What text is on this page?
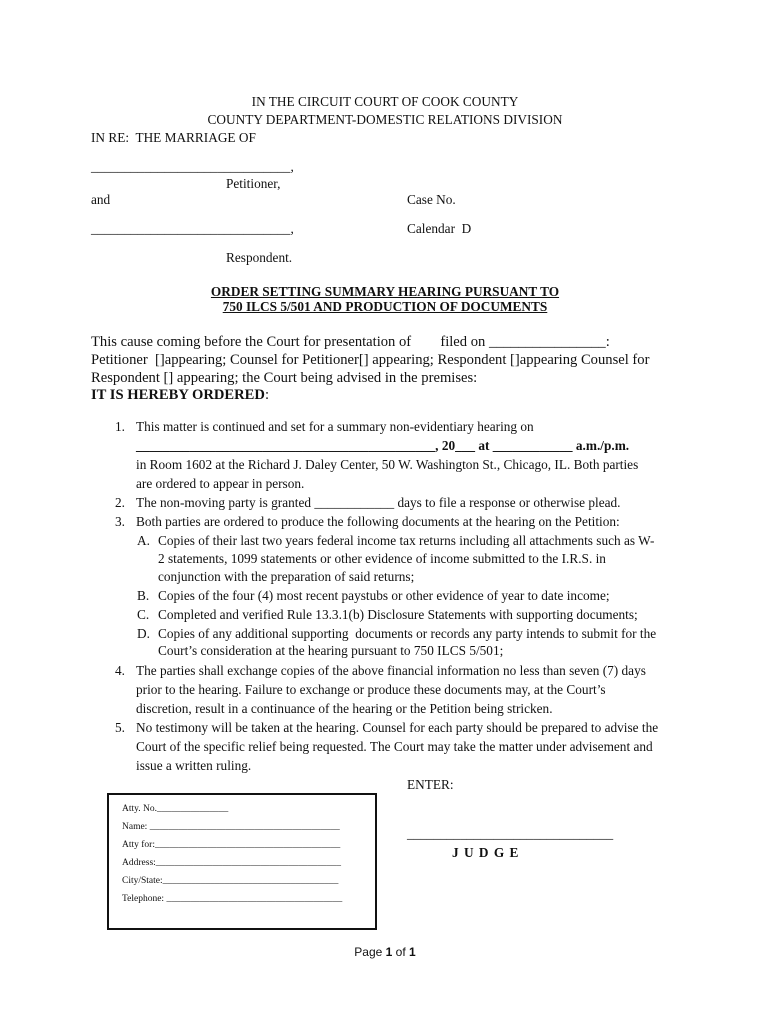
IN THE CIRCUIT COURT OF COOK COUNTY
COUNTY DEPARTMENT-DOMESTIC RELATIONS DIVISION
IN RE:  THE MARRIAGE OF
______________________________,
Petitioner,
and	Case No.
______________________________,	Calendar  D
Respondent.
ORDER SETTING SUMMARY HEARING PURSUANT TO
750 ILCS 5/501 AND PRODUCTION OF DOCUMENTS
This cause coming before the Court for presentation of        filed on ________________:
Petitioner  []appearing; Counsel for Petitioner[] appearing; Respondent []appearing Counsel for
Respondent [] appearing; the Court being advised in the premises:
IT IS HEREBY ORDERED:
1. This matter is continued and set for a summary non-evidentiary hearing on
_____________________________________________, 20___ at ____________ a.m./p.m.
in Room 1602 at the Richard J. Daley Center, 50 W. Washington St., Chicago, IL. Both parties
are ordered to appear in person.
2. The non-moving party is granted ____________ days to file a response or otherwise plead.
3. Both parties are ordered to produce the following documents at the hearing on the Petition:
A. Copies of their last two years federal income tax returns including all attachments such as W-
2 statements, 1099 statements or other evidence of income submitted to the I.R.S. in
conjunction with the preparation of said returns;
B. Copies of the four (4) most recent paystubs or other evidence of year to date income;
C. Completed and verified Rule 13.3.1(b) Disclosure Statements with supporting documents;
D. Copies of any additional supporting  documents or records any party intends to submit for the
Court’s consideration at the hearing pursuant to 750 ILCS 5/501;
4. The parties shall exchange copies of the above financial information no less than seven (7) days
prior to the hearing. Failure to exchange or produce these documents may, at the Court’s
discretion, result in a continuance of the hearing or the Petition being stricken.
5. No testimony will be taken at the hearing. Counsel for each party should be prepared to advise the
Court of the specific relief being requested. The Court may take the matter under advisement and
issue a written ruling.
ENTER:
Atty. No._______________
Name: ________________________________________
Atty for:_______________________________________
Address:_______________________________________
City/State:_____________________________________
Telephone: _____________________________________
_______________________________
J U D G E
Page 1 of 1
